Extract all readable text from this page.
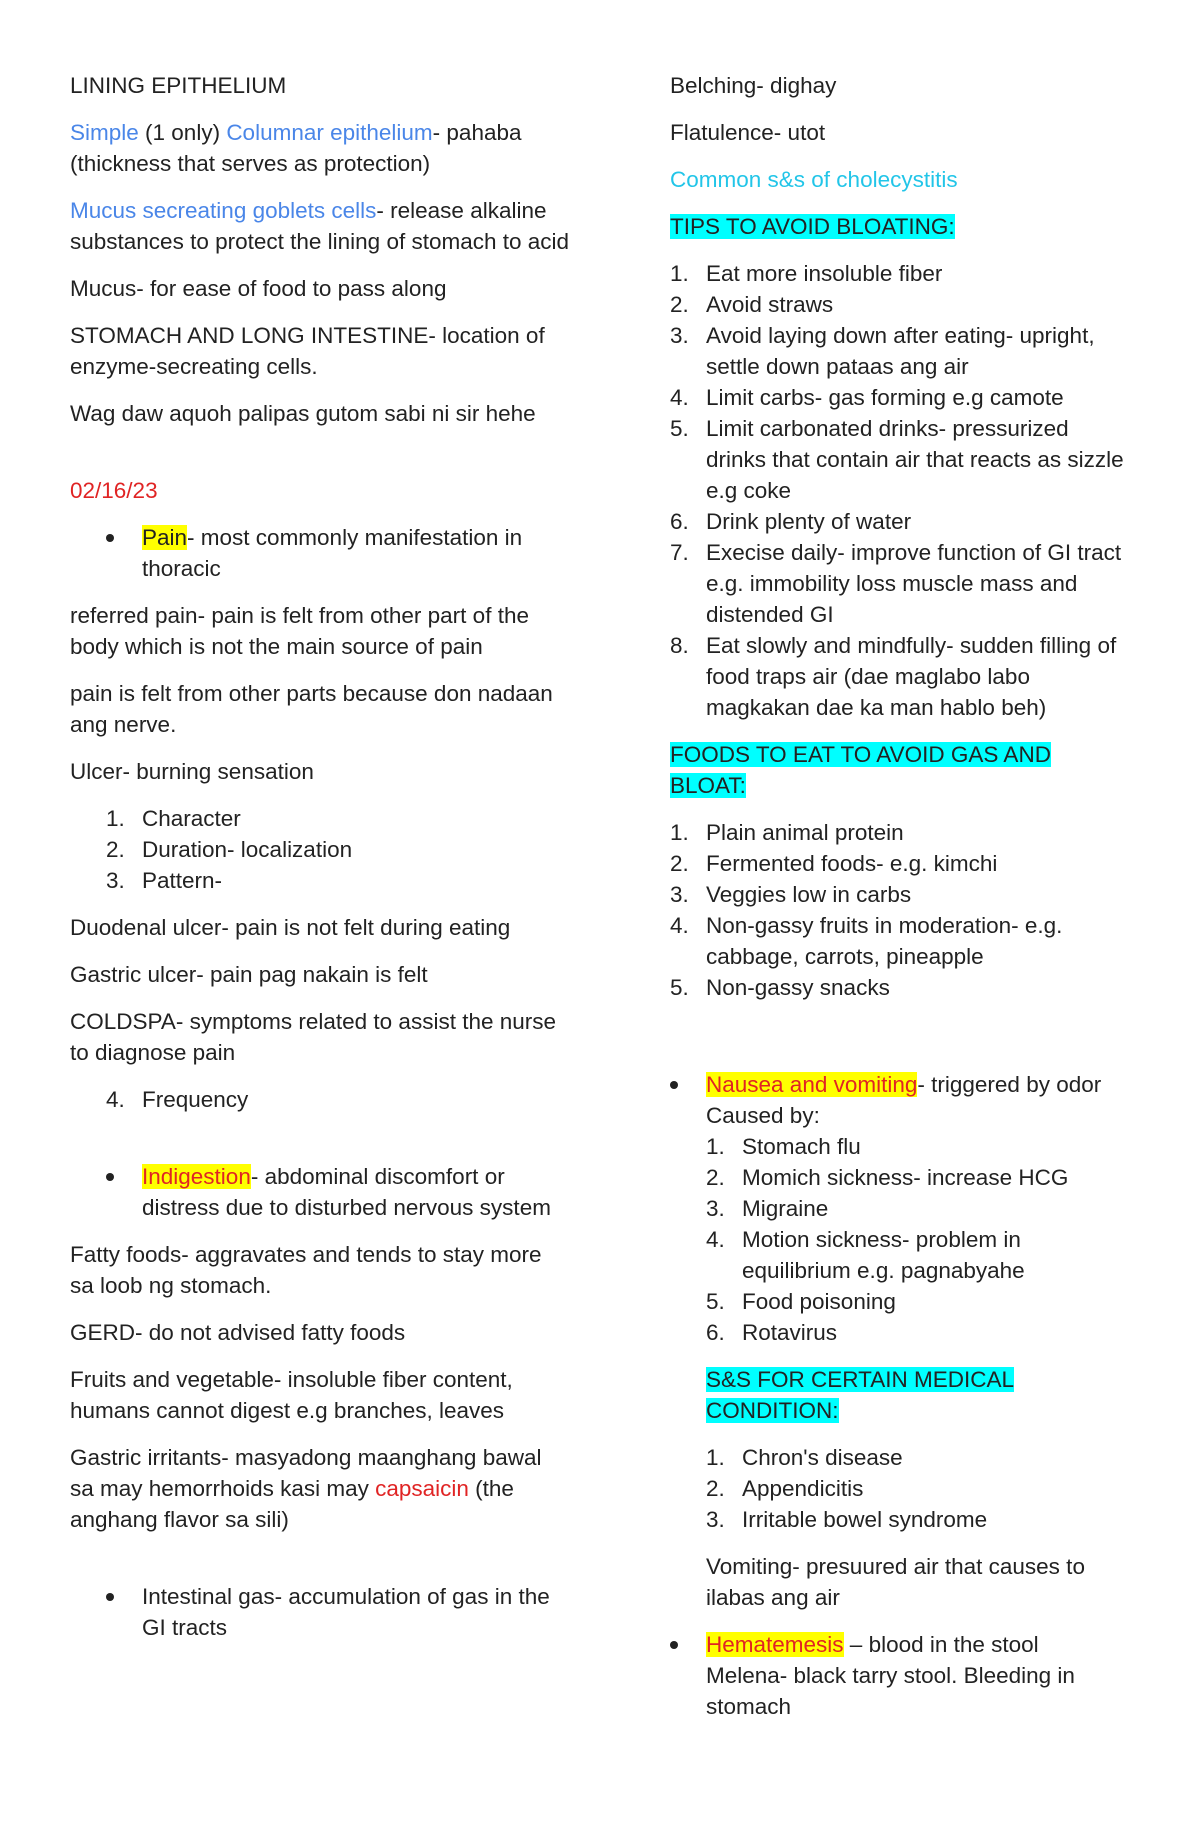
LINING EPITHELIUM

Simple (1 only) Columnar epithelium- pahaba (thickness that serves as protection)

Mucus secreating goblets cells- release alkaline substances to protect the lining of stomach to acid

Mucus- for ease of food to pass along

STOMACH AND LONG INTESTINE- location of enzyme-secreating cells.

Wag daw aquoh palipas gutom sabi ni sir hehe

02/16/23

Pain- most commonly manifestation in thoracic

referred pain- pain is felt from other part of the body which is not the main source of pain

pain is felt from other parts because don nadaan ang nerve.

Ulcer- burning sensation

1. Character
2. Duration- localization
3. Pattern-

Duodenal ulcer- pain is not felt during eating

Gastric ulcer- pain pag nakain is felt

COLDSPA- symptoms related to assist the nurse to diagnose pain

4. Frequency
Indigestion- abdominal discomfort or distress due to disturbed nervous system

Fatty foods- aggravates and tends to stay more sa loob ng stomach.

GERD- do not advised fatty foods

Fruits and vegetable- insoluble fiber content, humans cannot digest e.g branches, leaves

Gastric irritants- masyadong maanghang bawal sa may hemorrhoids kasi may capsaicin (the anghang flavor sa sili)

Intestinal gas- accumulation of gas in the GI tracts

Belching- dighay

Flatulence- utot

Common s&s of cholecystitis

TIPS TO AVOID BLOATING:

1. Eat more insoluble fiber
2. Avoid straws
3. Avoid laying down after eating- upright, settle down pataas ang air
4. Limit carbs- gas forming e.g camote
5. Limit carbonated drinks- pressurized drinks that contain air that reacts as sizzle e.g coke
6. Drink plenty of water
7. Execise daily- improve function of GI tract e.g. immobility loss muscle mass and distended GI
8. Eat slowly and mindfully- sudden filling of food traps air (dae maglabo labo magkakan dae ka man hablo beh)

FOODS TO EAT TO AVOID GAS AND BLOAT:

1. Plain animal protein
2. Fermented foods- e.g. kimchi
3. Veggies low in carbs
4. Non-gassy fruits in moderation- e.g. cabbage, carrots, pineapple
5. Non-gassy snacks
Nausea and vomiting- triggered by odor
Caused by:
1. Stomach flu
2. Momich sickness- increase HCG
3. Migraine
4. Motion sickness- problem in equilibrium e.g. pagnabyahe
5. Food poisoning
6. Rotavirus

S&S FOR CERTAIN MEDICAL CONDITION:

1. Chron's disease
2. Appendicitis
3. Irritable bowel syndrome

Vomiting- presuured air that causes to ilabas ang air

Hematemesis – blood in the stool
Melena- black tarry stool. Bleeding in stomach
